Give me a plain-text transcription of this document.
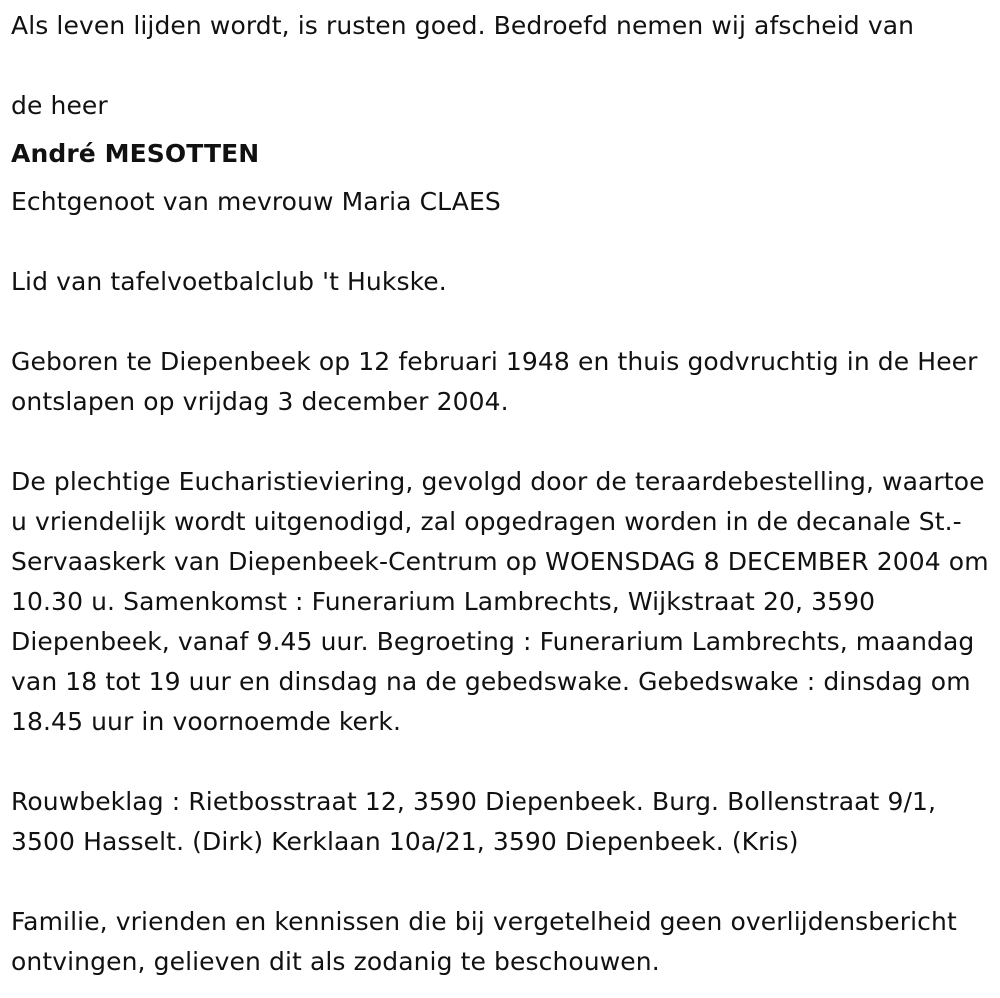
Als leven lijden wordt, is rusten goed. Bedroefd nemen wij afscheid van

de heer

André MESOTTEN

Echtgenoot van mevrouw Maria CLAES

Lid van tafelvoetbalclub 't Hukske.

Geboren te Diepenbeek op 12 februari 1948 en thuis godvruchtig in de Heer ontslapen op vrijdag 3 december 2004.

De plechtige Eucharistieviering, gevolgd door de teraardebestelling, waartoe u vriendelijk wordt uitgenodigd, zal opgedragen worden in de decanale St.-Servaaskerk van Diepenbeek-Centrum op WOENSDAG 8 DECEMBER 2004 om 10.30 u. Samenkomst : Funerarium Lambrechts, Wijkstraat 20, 3590 Diepenbeek, vanaf 9.45 uur. Begroeting : Funerarium Lambrechts, maandag van 18 tot 19 uur en dinsdag na de gebedswake. Gebedswake : dinsdag om 18.45 uur in voornoemde kerk.

Rouwbeklag : Rietbosstraat 12, 3590 Diepenbeek. Burg. Bollenstraat 9/1, 3500 Hasselt. (Dirk) Kerklaan 10a/21, 3590 Diepenbeek. (Kris)

Familie, vrienden en kennissen die bij vergetelheid geen overlijdensbericht ontvingen, gelieven dit als zodanig te beschouwen.
